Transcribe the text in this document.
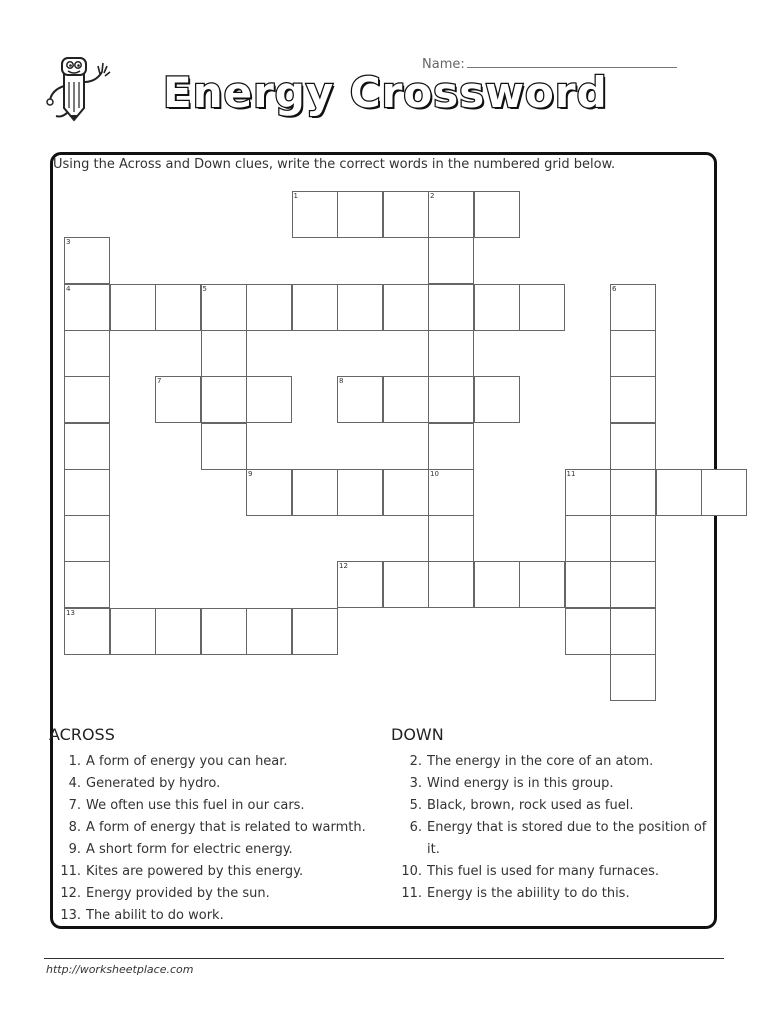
Name:
Energy Crossword
Using the Across and Down clues, write the correct words in the numbered grid below.
1	2
3
4	5	6
7	8
9	10	11
12
13
ACROSS
1. A form of energy you can hear.
4. Generated by hydro.
7. We often use this fuel in our cars.
8. A form of energy that is related to warmth.
9. A short form for electric energy.
11. Kites are powered by this energy.
12. Energy provided by the sun.
13. The abilit to do work.
DOWN
2. The energy in the core of an atom.
3. Wind energy is in this group.
5. Black, brown, rock used as fuel.
6. Energy that is stored due to the position of it.
10. This fuel is used for many furnaces.
11. Energy is the abiility to do this.
http://worksheetplace.com
